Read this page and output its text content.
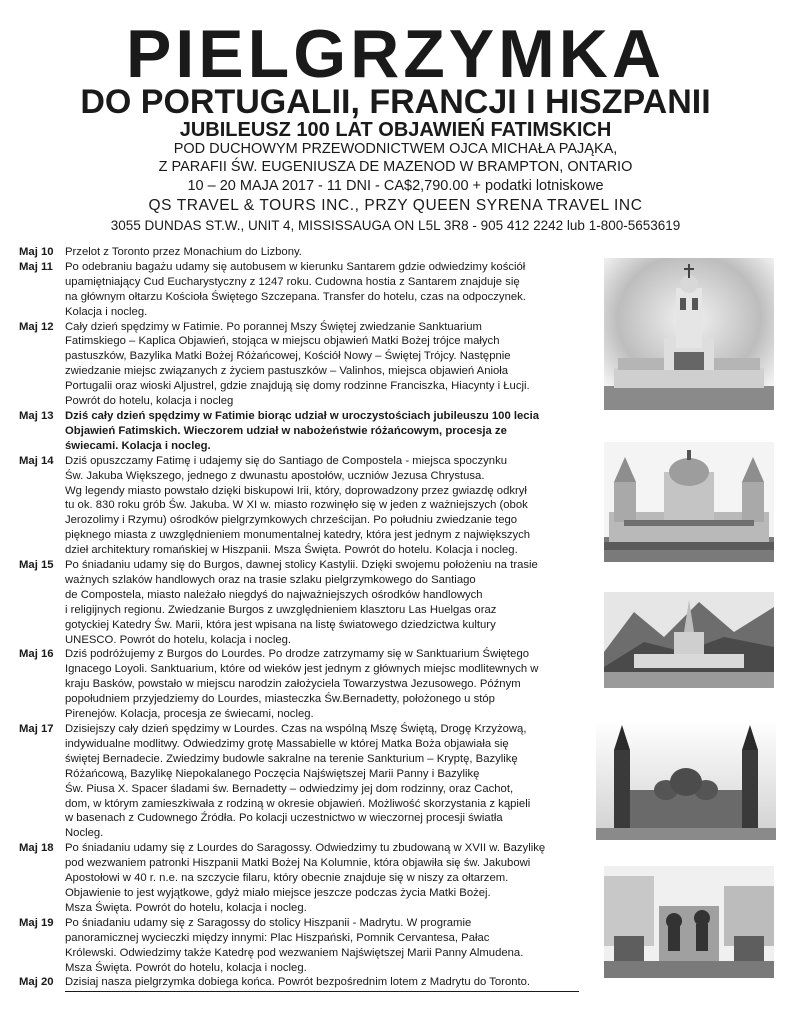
PIELGRZYMKA
DO PORTUGALII, FRANCJI I HISZPANII
JUBILEUSZ 100 LAT OBJAWIEŃ FATIMSKICH
POD DUCHOWYM PRZEWODNICTWEM OJCA MICHAŁA PAJĄKA,
Z PARAFII ŚW. EUGENIUSZA DE MAZENOD W BRAMPTON, ONTARIO
10 – 20 MAJA 2017 - 11 DNI - CA$2,790.00 + podatki lotniskowe
QS TRAVEL & TOURS INC., PRZY QUEEN SYRENA TRAVEL INC
3055 DUNDAS ST.W., UNIT 4, MISSISSAUGA ON L5L 3R8 - 905 412 2242 lub 1-800-5653619
Maj 10	Przelot z Toronto przez Monachium do Lizbony.
Maj 11	Po odebraniu bagażu udamy się autobusem w kierunku Santarem gdzie odwiedzimy kościół
upamiętniający Cud Eucharystyczny z 1247 roku. Cudowna hostia z Santarem znajduje się
na głównym ołtarzu Kościoła Świętego Szczepana. Transfer do hotelu, czas na odpoczynek.
Kolacja i nocleg.
Maj 12	Cały dzień spędzimy w Fatimie. Po porannej Mszy Świętej zwiedzanie Sanktuarium
Fatimskiego – Kaplica Objawień, stojąca w miejscu objawień Matki Bożej trójce małych
pastuszków, Bazylika Matki Bożej Różańcowej, Kościół Nowy – Świętej Trójcy. Następnie
zwiedzanie miejsc związanych z życiem pastuszków – Valinhos, miejsca objawień Anioła
Portugalii oraz wioski Aljustrel, gdzie znajdują się domy rodzinne Franciszka, Hiacynty i Łucji.
Powrót do hotelu, kolacja i nocleg
Maj 13	Dziś cały dzień spędzimy w Fatimie biorąc udział w uroczystościach jubileuszu 100 lecia
Objawień Fatimskich. Wieczorem udział w nabożeństwie różańcowym, procesja ze
świecami. Kolacja i nocleg.
Maj 14	Dziś opuszczamy Fatimę i udajemy się do Santiago de Compostela - miejsca spoczynku
Św. Jakuba Większego, jednego z dwunastu apostołów, uczniów Jezusa Chrystusa.
Wg legendy miasto powstało dzięki biskupowi Irii, który, doprowadzony przez gwiazdę odkrył
tu ok. 830 roku grób Św. Jakuba. W XI w. miasto rozwinęło się w jeden z ważniejszych (obok
Jerozolimy i Rzymu) ośrodków pielgrzymkowych chrześcijan. Po południu zwiedzanie tego
pięknego miasta z uwzględnieniem monumentalnej katedry, która jest jednym z największych
dzieł architektury romańskiej w Hiszpanii. Msza Święta. Powrót do hotelu. Kolacja i nocleg.
Maj 15	Po śniadaniu udamy się do Burgos, dawnej stolicy Kastylii. Dzięki swojemu położeniu na trasie
ważnych szlaków handlowych oraz na trasie szlaku pielgrzymkowego do Santiago
de Compostela, miasto należało niegdyś do najważniejszych ośrodków handlowych
i religijnych regionu. Zwiedzanie Burgos z uwzględnieniem klasztoru Las Huelgas oraz
gotyckiej Katedry Św. Marii, która jest wpisana na listę światowego dziedzictwa kultury
UNESCO. Powrót do hotelu, kolacja i nocleg.
Maj 16	Dziś podróżujemy z Burgos do Lourdes. Po drodze zatrzymamy się w Sanktuarium Świętego
Ignacego Loyoli. Sanktuarium, które od wieków jest jednym z głównych miejsc modlitewnych w
kraju Basków, powstało w miejscu narodzin założyciela Towarzystwa Jezusowego. Późnym
popołudniem przyjedziemy do Lourdes, miasteczka Św.Bernadetty, położonego u stóp
Pirenejów. Kolacja, procesja ze świecami, nocleg.
Maj 17	Dzisiejszy cały dzień spędzimy w Lourdes. Czas na wspólną Mszę Świętą, Drogę Krzyżową,
indywidualne modlitwy. Odwiedzimy grotę Massabielle w której Matka Boża objawiała się
świętej Bernadecie. Zwiedzimy budowle sakralne na terenie Sankturium – Kryptę, Bazylikę
Różańcową, Bazylikę Niepokalanego Poczęcia Najświętszej Marii Panny i Bazylikę
Św. Piusa X. Spacer śladami św. Bernadetty – odwiedzimy jej dom rodzinny, oraz Cachot,
dom, w którym zamieszkiwała z rodziną w okresie objawień. Możliwość skorzystania z kąpieli
w basenach z Cudownego Źródła. Po kolacji uczestnictwo w wieczornej procesji światła
Nocleg.
Maj 18	Po śniadaniu udamy się z Lourdes do Saragossy. Odwiedzimy tu zbudowaną w XVII w. Bazylikę
pod wezwaniem patronki Hiszpanii Matki Bożej Na Kolumnie, która objawiła się św. Jakubowi
Apostołowi w 40 r. n.e. na szczycie filaru, który obecnie znajduje się w niszy za ołtarzem.
Objawienie to jest wyjątkowe, gdyż miało miejsce jeszcze podczas życia Matki Bożej.
Msza Święta. Powrót do hotelu, kolacja i nocleg.
Maj 19	Po śniadaniu udamy się z Saragossy do stolicy Hiszpanii - Madrytu. W programie
panoramicznej wycieczki między innymi: Plac Hiszpański, Pomnik Cervantesa, Pałac
Królewski. Odwiedzimy także Katedrę pod wezwaniem Najświętszej Marii Panny Almudena.
Msza Święta. Powrót do hotelu, kolacja i nocleg.
Maj 20	Dzisiaj nasza pielgrzymka dobiega końca. Powrót bezpośrednim lotem z Madrytu do Toronto.
